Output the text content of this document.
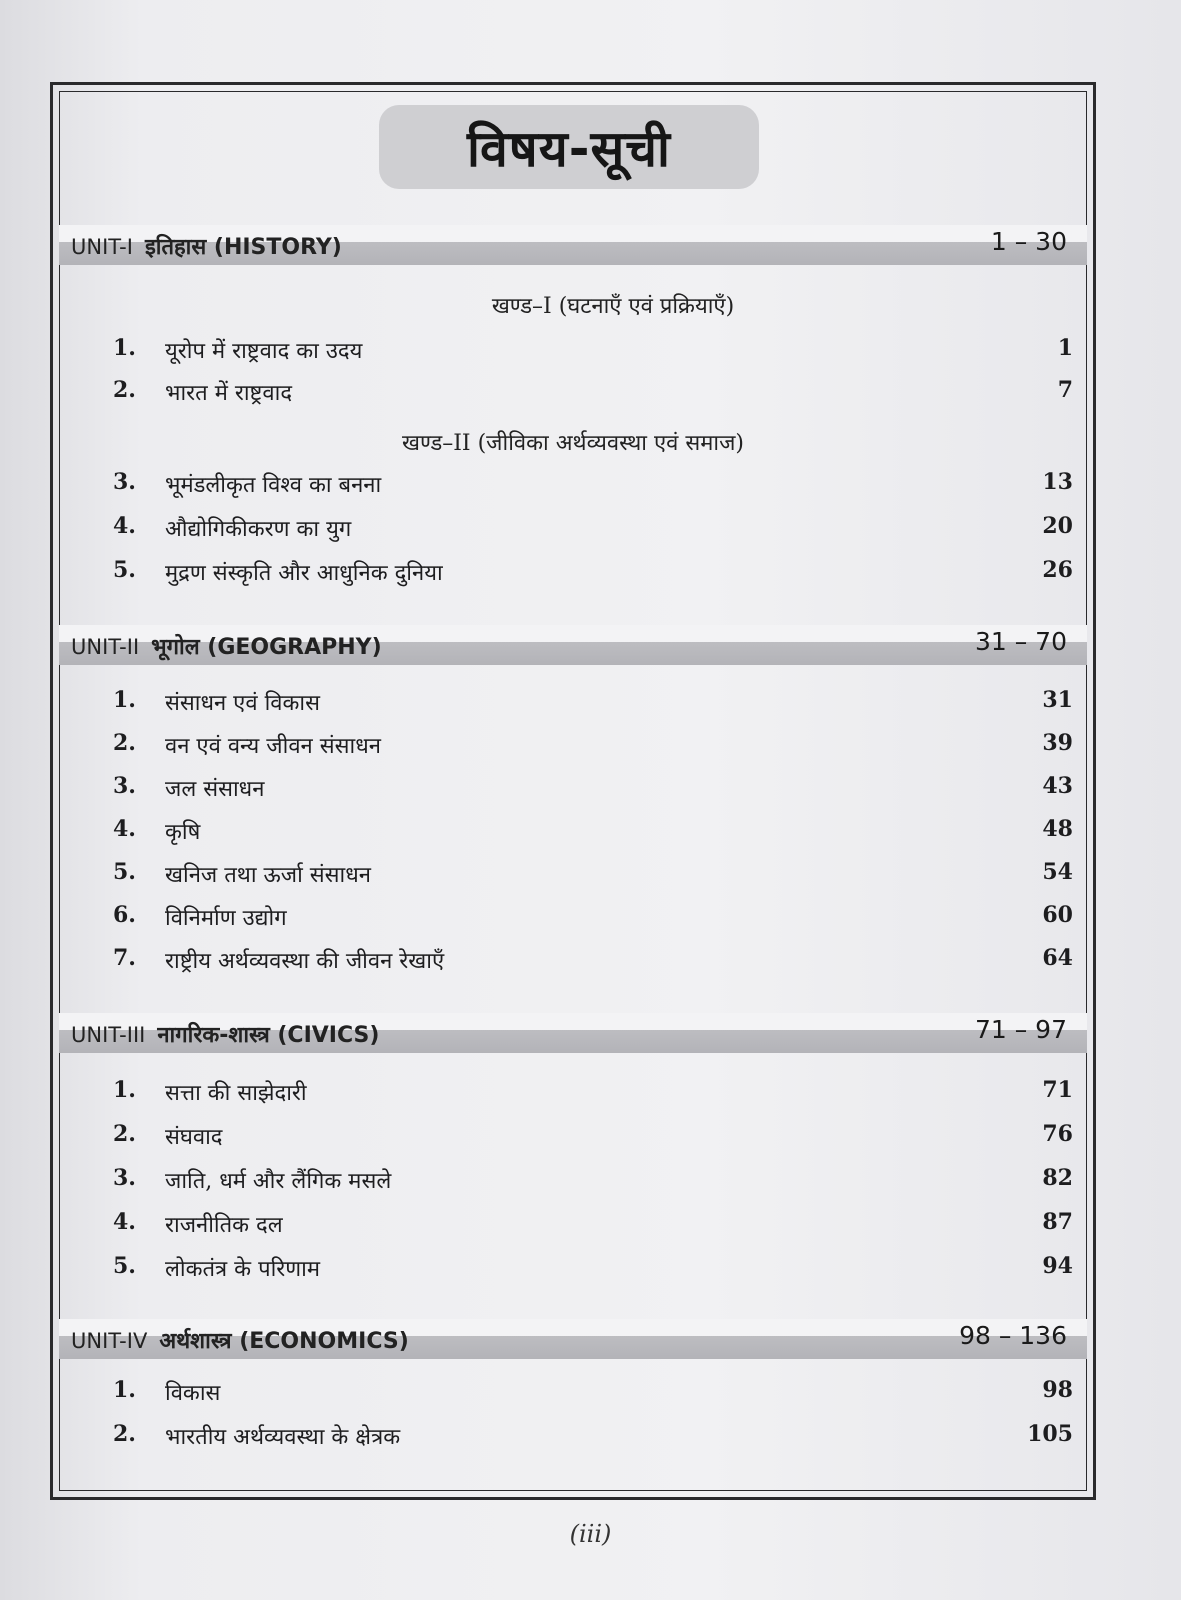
विषय-सूची
UNIT-I इतिहास (HISTORY)	1 – 30
खण्ड–I (घटनाएँ एवं प्रक्रियाएँ)
1. यूरोप में राष्ट्रवाद का उदय	1
2. भारत में राष्ट्रवाद	7
खण्ड–II (जीविका अर्थव्यवस्था एवं समाज)
3. भूमंडलीकृत विश्व का बनना	13
4. औद्योगिकीकरण का युग	20
5. मुद्रण संस्कृति और आधुनिक दुनिया	26
UNIT-II भूगोल (GEOGRAPHY)	31 – 70
1. संसाधन एवं विकास	31
2. वन एवं वन्य जीवन संसाधन	39
3. जल संसाधन	43
4. कृषि	48
5. खनिज तथा ऊर्जा संसाधन	54
6. विनिर्माण उद्योग	60
7. राष्ट्रीय अर्थव्यवस्था की जीवन रेखाएँ	64
UNIT-III नागरिक-शास्त्र (CIVICS)	71 – 97
1. सत्ता की साझेदारी	71
2. संघवाद	76
3. जाति, धर्म और लैंगिक मसले	82
4. राजनीतिक दल	87
5. लोकतंत्र के परिणाम	94
UNIT-IV अर्थशास्त्र (ECONOMICS)	98 – 136
1. विकास	98
2. भारतीय अर्थव्यवस्था के क्षेत्रक	105
(iii)
